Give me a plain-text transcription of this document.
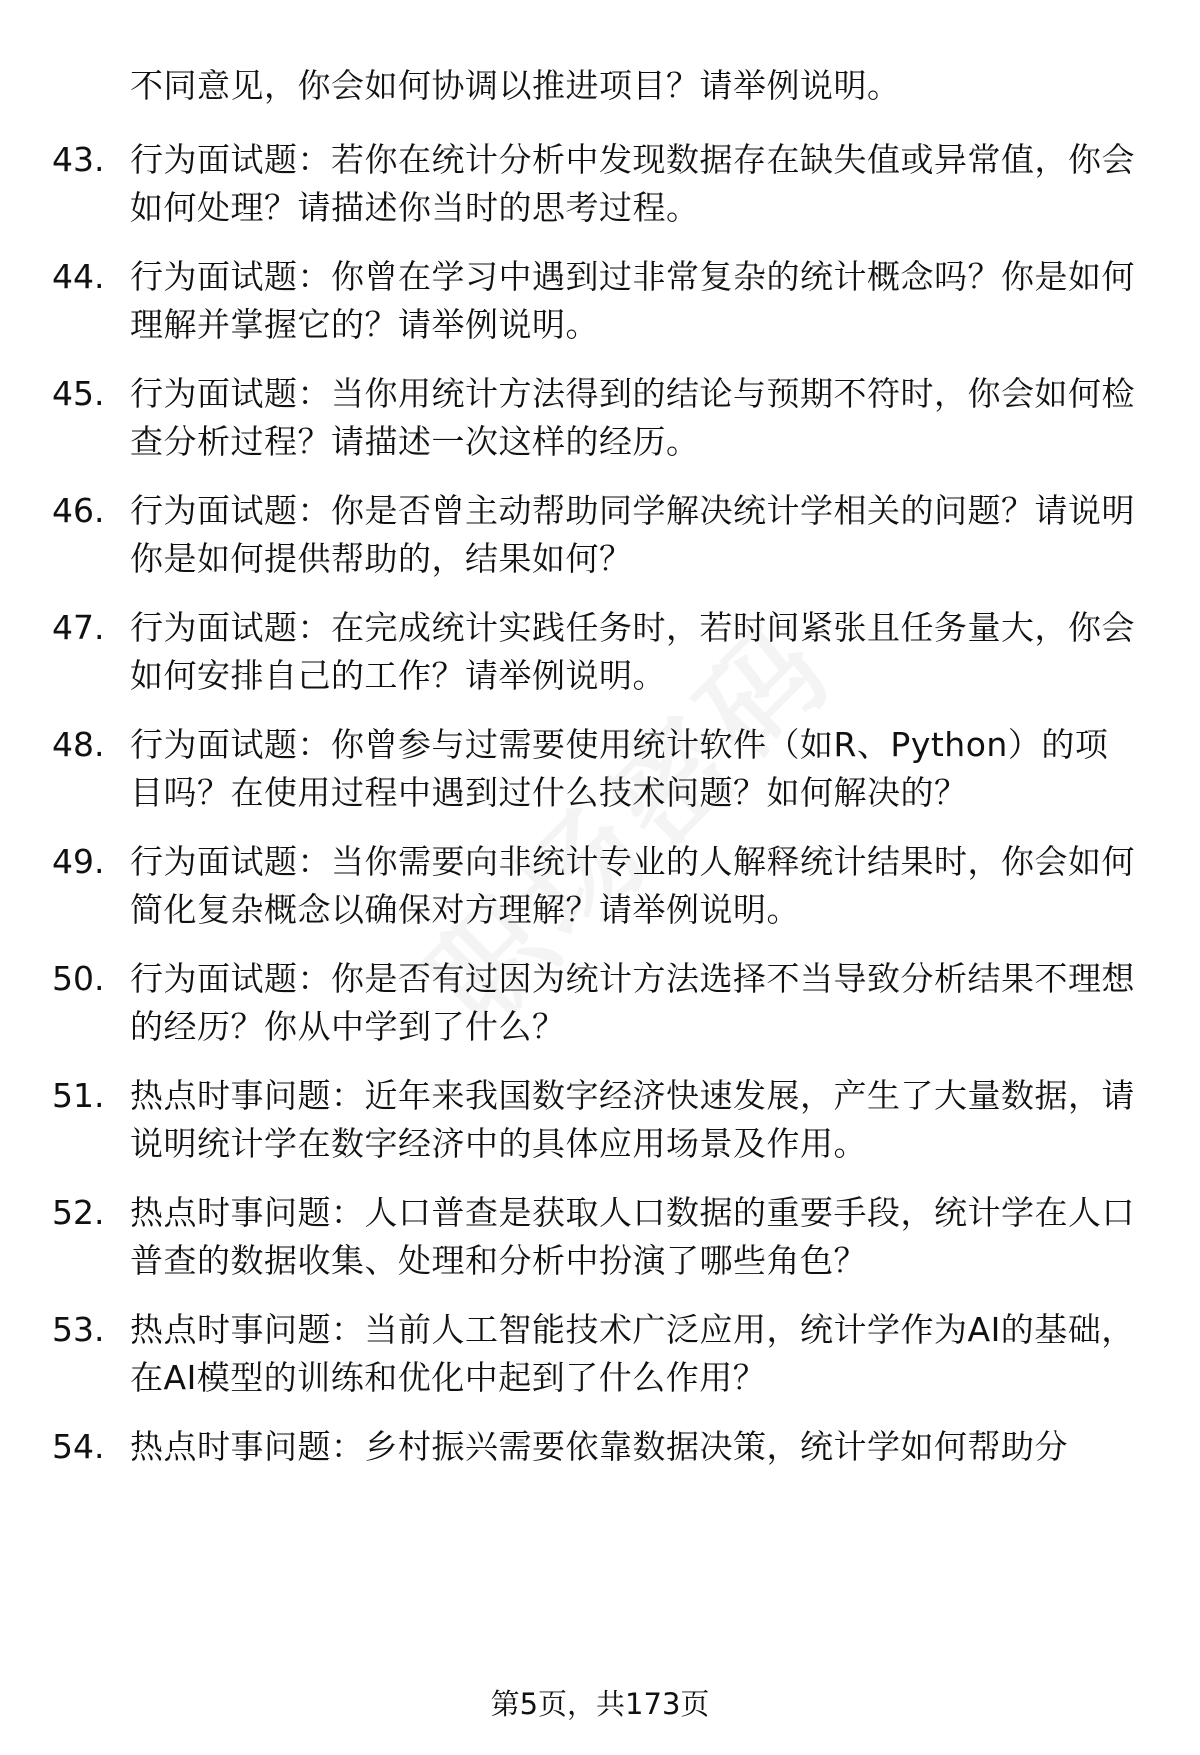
不同意见，你会如何协调以推进项目？请举例说明。
43. 行为面试题：若你在统计分析中发现数据存在缺失值或异常值，你会如何处理？请描述你当时的思考过程。
44. 行为面试题：你曾在学习中遇到过非常复杂的统计概念吗？你是如何理解并掌握它的？请举例说明。
45. 行为面试题：当你用统计方法得到的结论与预期不符时，你会如何检查分析过程？请描述一次这样的经历。
46. 行为面试题：你是否曾主动帮助同学解决统计学相关的问题？请说明你是如何提供帮助的，结果如何？
47. 行为面试题：在完成统计实践任务时，若时间紧张且任务量大，你会如何安排自己的工作？请举例说明。
48. 行为面试题：你曾参与过需要使用统计软件（如R、Python）的项目吗？在使用过程中遇到过什么技术问题？如何解决的？
49. 行为面试题：当你需要向非统计专业的人解释统计结果时，你会如何简化复杂概念以确保对方理解？请举例说明。
50. 行为面试题：你是否有过因为统计方法选择不当导致分析结果不理想的经历？你从中学到了什么？
51. 热点时事问题：近年来我国数字经济快速发展，产生了大量数据，请说明统计学在数字经济中的具体应用场景及作用。
52. 热点时事问题：人口普查是获取人口数据的重要手段，统计学在人口普查的数据收集、处理和分析中扮演了哪些角色？
53. 热点时事问题：当前人工智能技术广泛应用，统计学作为AI的基础，在AI模型的训练和优化中起到了什么作用？
54. 热点时事问题：乡村振兴需要依靠数据决策，统计学如何帮助分
第5页，共173页
